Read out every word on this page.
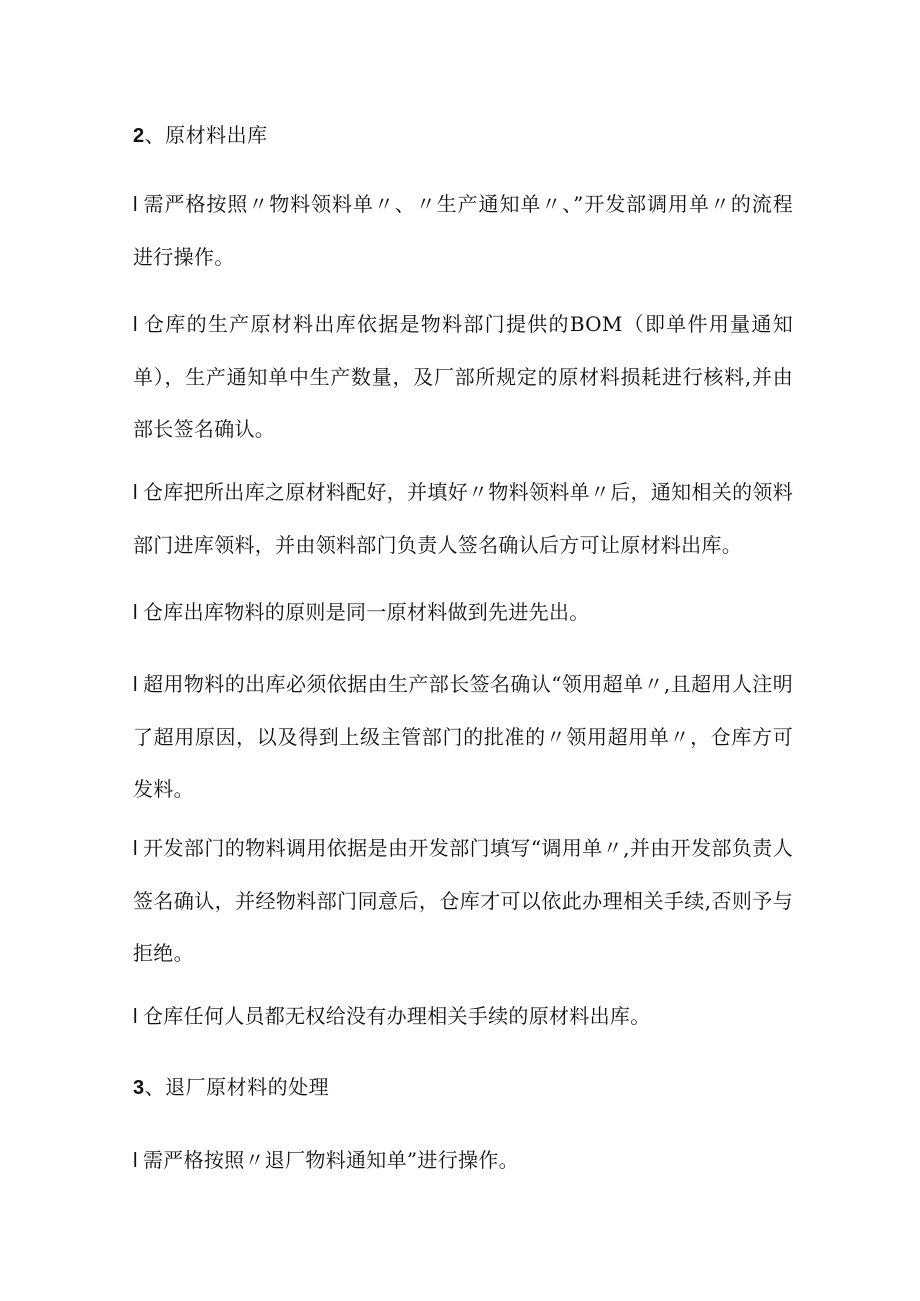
2、原材料出库
l 需严格按照〃物料领料单〃、〃生产通知单〃、”开发部调用单〃的流程进行操作。
l 仓库的生产原材料出库依据是物料部门提供的BOM（即单件用量通知单），生产通知单中生产数量，及厂部所规定的原材料损耗进行核料,并由部长签名确认。
l 仓库把所出库之原材料配好，并填好〃物料领料单〃后，通知相关的领料部门进库领料，并由领料部门负责人签名确认后方可让原材料出库。
l 仓库出库物料的原则是同一原材料做到先进先出。
l 超用物料的出库必须依据由生产部长签名确认“领用超单〃,且超用人注明了超用原因，以及得到上级主管部门的批准的〃领用超用单〃，仓库方可发料。
l 开发部门的物料调用依据是由开发部门填写“调用单〃,并由开发部负责人签名确认，并经物料部门同意后，仓库才可以依此办理相关手续,否则予与拒绝。
l 仓库任何人员都无权给没有办理相关手续的原材料出库。
3、退厂原材料的处理
l 需严格按照〃退厂物料通知单”进行操作。
